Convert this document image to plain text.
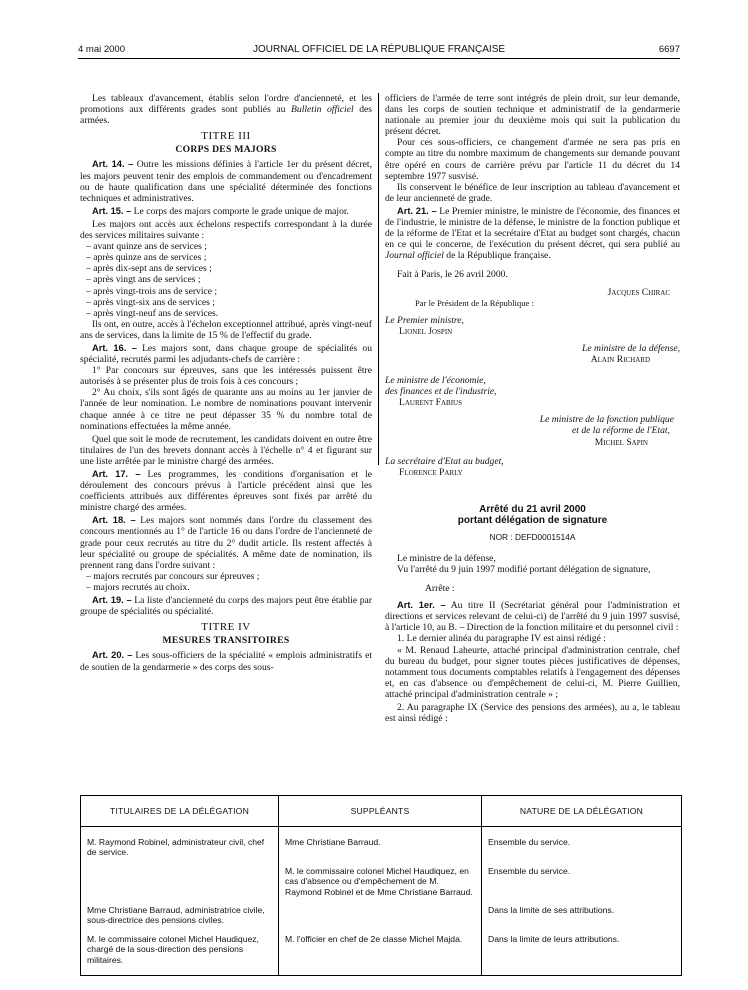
4 mai 2000	JOURNAL OFFICIEL DE LA RÉPUBLIQUE FRANÇAISE	6697

Les tableaux d'avancement, établis selon l'ordre d'ancienneté, et les promotions aux différents grades sont publiés au Bulletin officiel des armées.

TITRE III
CORPS DES MAJORS

Art. 14. – Outre les missions définies à l'article 1er du présent décret, les majors peuvent tenir des emplois de commandement ou d'encadrement ou de haute qualification dans une spécialité déterminée des fonctions techniques et administratives.

Art. 15. – Le corps des majors comporte le grade unique de major.

Les majors ont accès aux échelons respectifs correspondant à la durée des services militaires suivante :

– avant quinze ans de services ;
– après quinze ans de services ;
– après dix-sept ans de services ;
– après vingt ans de services ;
– après vingt-trois ans de service ;
– après vingt-six ans de services ;
– après vingt-neuf ans de services.

Ils ont, en outre, accès à l'échelon exceptionnel attribué, après vingt-neuf ans de services, dans la limite de 15 % de l'effectif du grade.

Art. 16. – Les majors sont, dans chaque groupe de spécialités ou spécialité, recrutés parmi les adjudants-chefs de carrière :

1° Par concours sur épreuves, sans que les intéressés puissent être autorisés à se présenter plus de trois fois à ces concours ;

2° Au choix, s'ils sont âgés de quarante ans au moins au 1er janvier de l'année de leur nomination. Le nombre de nominations pouvant intervenir chaque année à ce titre ne peut dépasser 35 % du nombre total de nominations effectuées la même année.

Quel que soit le mode de recrutement, les candidats doivent en outre être titulaires de l'un des brevets donnant accès à l'échelle n° 4 et figurant sur une liste arrêtée par le ministre chargé des armées.

Art. 17. – Les programmes, les conditions d'organisation et le déroulement des concours prévus à l'article précédent ainsi que les coefficients attribués aux différentes épreuves sont fixés par arrêté du ministre chargé des armées.

Art. 18. – Les majors sont nommés dans l'ordre du classement des concours mentionnés au 1° de l'article 16 ou dans l'ordre de l'ancienneté de grade pour ceux recrutés au titre du 2° dudit article. Ils restent affectés à leur spécialité ou groupe de spécialités. A même date de nomination, ils prennent rang dans l'ordre suivant :

– majors recrutés par concours sur épreuves ;
– majors recrutés au choix.

Art. 19. – La liste d'ancienneté du corps des majors peut être établie par groupe de spécialités ou spécialité.

TITRE IV
MESURES TRANSITOIRES

Art. 20. – Les sous-officiers de la spécialité « emplois administratifs et de soutien de la gendarmerie » des corps des sous-

officiers de l'armée de terre sont intégrés de plein droit, sur leur demande, dans les corps de soutien technique et administratif de la gendarmerie nationale au premier jour du deuxième mois qui suit la publication du présent décret.

Pour ces sous-officiers, ce changement d'armée ne sera pas pris en compte au titre du nombre maximum de changements sur demande pouvant être opéré en cours de carrière prévu par l'article 11 du décret du 14 septembre 1977 susvisé.

Ils conservent le bénéfice de leur inscription au tableau d'avancement et de leur ancienneté de grade.

Art. 21. – Le Premier ministre, le ministre de l'économie, des finances et de l'industrie, le ministre de la défense, le ministre de la fonction publique et de la réforme de l'Etat et la secrétaire d'Etat au budget sont chargés, chacun en ce qui le concerne, de l'exécution du présent décret, qui sera publié au Journal officiel de la République française.

Fait à Paris, le 26 avril 2000.

Jacques Chirac
Par le Président de la République :
Le Premier ministre,
Lionel Jospin
Le ministre de la défense,
Alain Richard
Le ministre de l'économie,
des finances et de l'industrie,
Laurent Fabius
Le ministre de la fonction publique
et de la réforme de l'Etat,
Michel Sapin
La secrétaire d'Etat au budget,
Florence Parly
Arrêté du 21 avril 2000
portant délégation de signature
NOR : DEFD0001514A

Le ministre de la défense,

Vu l'arrêté du 9 juin 1997 modifié portant délégation de signature,

Arrête :

Art. 1er. – Au titre II (Secrétariat général pour l'administration et directions et services relevant de celui-ci) de l'arrêté du 9 juin 1997 susvisé, à l'article 10, au B. – Direction de la fonction militaire et du personnel civil :

1. Le dernier alinéa du paragraphe IV est ainsi rédigé :

« M. Renaud Laheurte, attaché principal d'administration centrale, chef du bureau du budget, pour signer toutes pièces justificatives de dépenses, notamment tous documents comptables relatifs à l'engagement des dépenses et, en cas d'absence ou d'empêchement de celui-ci, M. Pierre Guillien, attaché principal d'administration centrale » ;

2. Au paragraphe IX (Service des pensions des armées), au a, le tableau est ainsi rédigé :

TITULAIRES DE LA DÉLÉGATION	SUPPLÉANTS	NATURE DE LA DÉLÉGATION
M. Raymond Robinel, administrateur civil, chef de service.	Mme Christiane Barraud.	Ensemble du service.
	M. le commissaire colonel Michel Haudiquez, en cas d'absence ou d'empêchement de M. Raymond Robinel et de Mme Christiane Barraud.	Ensemble du service.
Mme Christiane Barraud, administratrice civile, sous-directrice des pensions civiles.		Dans la limite de ses attributions.
M. le commissaire colonel Michel Haudiquez, chargé de la sous-direction des pensions militaires.	M. l'officier en chef de 2e classe Michel Majda.	Dans la limite de leurs attributions.
